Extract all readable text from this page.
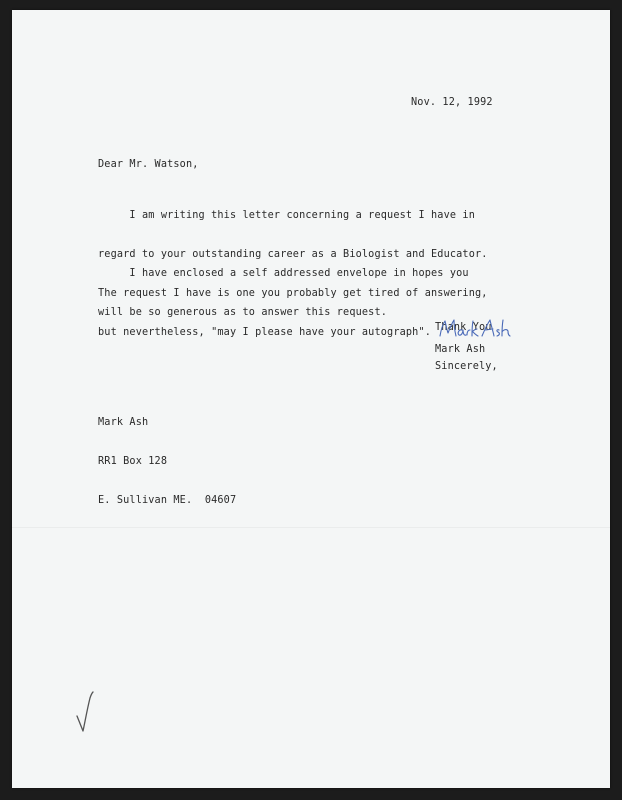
Nov. 12, 1992
Dear Mr. Watson,

I am writing this letter concerning a request I have in

regard to your outstanding career as a Biologist and Educator.

The request I have is one you probably get tired of answering,

but nevertheless, "may I please have your autograph".

I have enclosed a self addressed envelope in hopes you

will be so generous as to answer this request.

Thank You

Sincerely,

Mark Ash

Mark Ash

RR1 Box 128

E. Sullivan ME.  04607
